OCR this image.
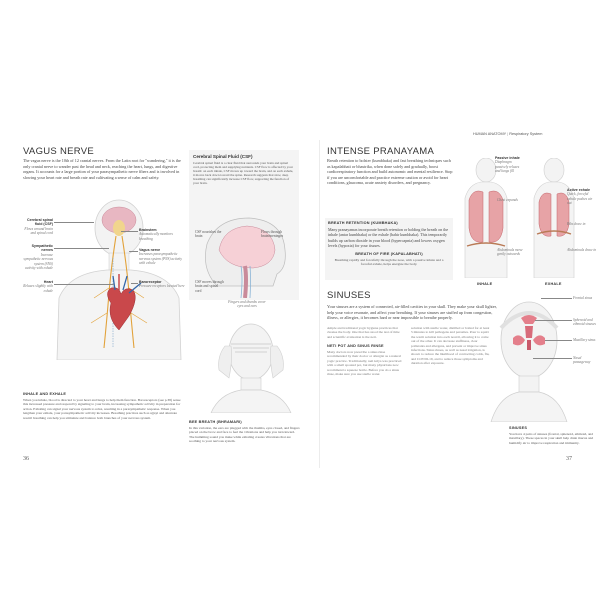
VAGUS NERVE
The vagus nerve is the 10th of 12 cranial nerves. From the Latin root for "wandering," it is the only cranial nerve to wander past the head and neck, reaching the heart, lungs, and digestive organs. It accounts for a large portion of your parasympathetic nerve fibers and is involved in slowing your heart rate and breath rate and cultivating a sense of calm and safety.
Cerebral spinal fluid (CSF)
Flows around brain and spinal cord
Sympathetic nerves
Increase sympathetic nervous system (SNS) activity with exhale
Heart
Relaxes slightly with exhale
Brainstem
Automatically monitors breathing
Vagus nerve
Increases parasympathetic nervous system (PNS) activity with exhale
Baroreceptor
Pressure receptors located here
INHALE AND EXHALE
When you inhale, blood is directed to your heart and lungs to help them function. Baroreceptors (see p.38) sense this increased pressure and respond by signaling to your brain, increasing sympathetic activity in preparation for action. Exhaling can signal your nervous system to relax, resulting in a parasympathetic response. When you lengthen your exhale, your parasympathetic activity increases. Breathing practices such as ujjayi and alternate nostril breathing can help you stimulate and balance both branches of your nervous system.
Cerebral Spinal Fluid (CSF)
Cerebral spinal fluid is a clear fluid that surrounds your brain and spinal cord, protecting them and supplying nutrients. CSF flow is affected by your breath: on each inhale, CSF moves up toward the brain, and on each exhale, it moves back down toward the spine. Research suggests that slow, deep breathing can significantly increase CSF flow, supporting the function of your brain.
CSF nourishes the brain
Flows through brain/meninges
CSF moves through brain and spinal cord
Fingers and thumbs cover eyes and ears
BEE BREATH (BHRAMARI)
In this variation, the ears are plugged with the thumbs, eyes closed, and fingers placed on the brow and face to feel the vibrations and help you turn inward. The humming sound you make while exhaling creates vibrations that are soothing to your nervous system.
36
HUMAN ANATOMY | Respiratory System
INTENSE PRANAYAMA
Breath retention to bolster (kumbhaka) and fast breathing techniques such as kapalabhati or bhastrika, when done safely and gradually, boost cardiorespiratory function and build autonomic and mental resilience. Stop if you are uncomfortable and practice extreme caution or avoid for heart conditions, glaucoma, acute anxiety disorders, and pregnancy.
BREATH RETENTION (KUMBHAKA)
Many pranayamas incorporate breath retention or holding the breath on the inhale (antar kumbhaka) or the exhale (bahir kumbhaka). This temporarily builds up carbon dioxide in your blood (hypercapnia) and lowers oxygen levels (hypoxia) for your tissues.
BREATH OF FIRE (KAPALABHATI)
Breathing rapidly and forcefully through the nose, with a passive inhale and a forceful exhale, helps energize the body.
Passive inhale
Diaphragm passively relaxes and lungs fill
Chest expands
Abdominals move gently outwards
Active exhale
Quick, forceful exhale pushes air out
Ribs draw in
Abdominals draw in
INHALE	EXHALE
SINUSES
Your sinuses are a system of connected, air-filled cavities in your skull. They make your skull lighter, help your voice resonate, and affect your breathing. If your sinuses are stuffed up from congestion, illness, or allergies, it becomes hard or near impossible to breathe properly.
Ample and traditional yogic hygiene practices that cleanse the body. One that has stood the test of time and scientific evaluation is the neti.
NETI POT AND SINUS RINSE
Many doctors now prescribe a sinus rinse recommended by their doctor or allergist as a natural yogic practice. Traditionally, neti kriya was practiced with a small spouted pot, but many physicians now recommend a squeeze bottle. Before you do a sinus rinse, make sure you use sterile water.
solution with sterile water, distilled or boiled for at least 5 minutes to kill pathogens and parasites. Pour to squirt the warm solution into each nostril, allowing it to come out of the other. It can decrease stuffiness, clear pollutants and allergens, and prevent or improve sinus infections. Sinus rinses, as well as nasal irrigation, is shown to reduce the likelihood of contracting colds, flu, and COVID-19, and to reduce those symptoms and duration after exposure.
Frontal sinus
Sphenoid and ethmoid sinuses
Maxillary sinus
Nasal passageway
SINUSES
You have 4 pairs of sinuses (frontal, sphenoid, ethmoid, and maxillary). These spaces in your skull help drain mucus and humidify air to improve respiration and immunity.
37
